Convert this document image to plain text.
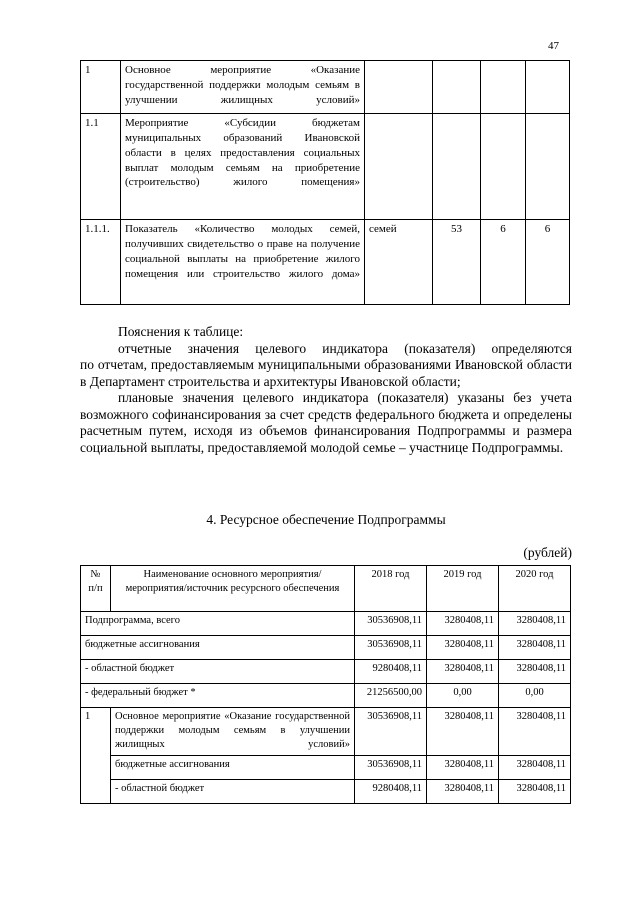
47
1	Основное мероприятие «Оказание государственной поддержки молодым семьям в улучшении жилищных условий»				
1.1	Мероприятие «Субсидии бюджетам муниципальных образований Ивановской области в целях предоставления социальных выплат молодым семьям на приобретение (строительство) жилого помещения»				
1.1.1.	Показатель «Количество молодых семей, получивших свидетельство о праве на получение социальной выплаты на приобретение жилого помещения или строительство жилого дома»	семей	53	6	6

Пояснения к таблице:

отчетные значения целевого индикатора (показателя) определяются

по отчетам, предоставляемым муниципальными образованиями Ивановской области в Департамент строительства и архитектуры Ивановской области;

плановые значения целевого индикатора (показателя) указаны без учета возможного софинансирования за счет средств федерального бюджета и определены расчетным путем, исходя из объемов финансирования Подпрограммы и размера социальной выплаты, предоставляемой молодой семье – участнице Подпрограммы.

4. Ресурсное обеспечение Подпрограммы
(рублей)
№ п/п	Наименование основного мероприятия/мероприятия/источник ресурсного обеспечения	2018 год	2019 год	2020 год
Подпрограмма, всего		30536908,11	3280408,11	3280408,11
бюджетные ассигнования		30536908,11	3280408,11	3280408,11
- областной бюджет		9280408,11	3280408,11	3280408,11
- федеральный бюджет *		21256500,00	0,00	0,00
1	Основное мероприятие «Оказание государственной поддержки молодым семьям в улучшении жилищных условий»	30536908,11	3280408,11	3280408,11
	бюджетные ассигнования	30536908,11	3280408,11	3280408,11
	- областной бюджет	9280408,11	3280408,11	3280408,11
